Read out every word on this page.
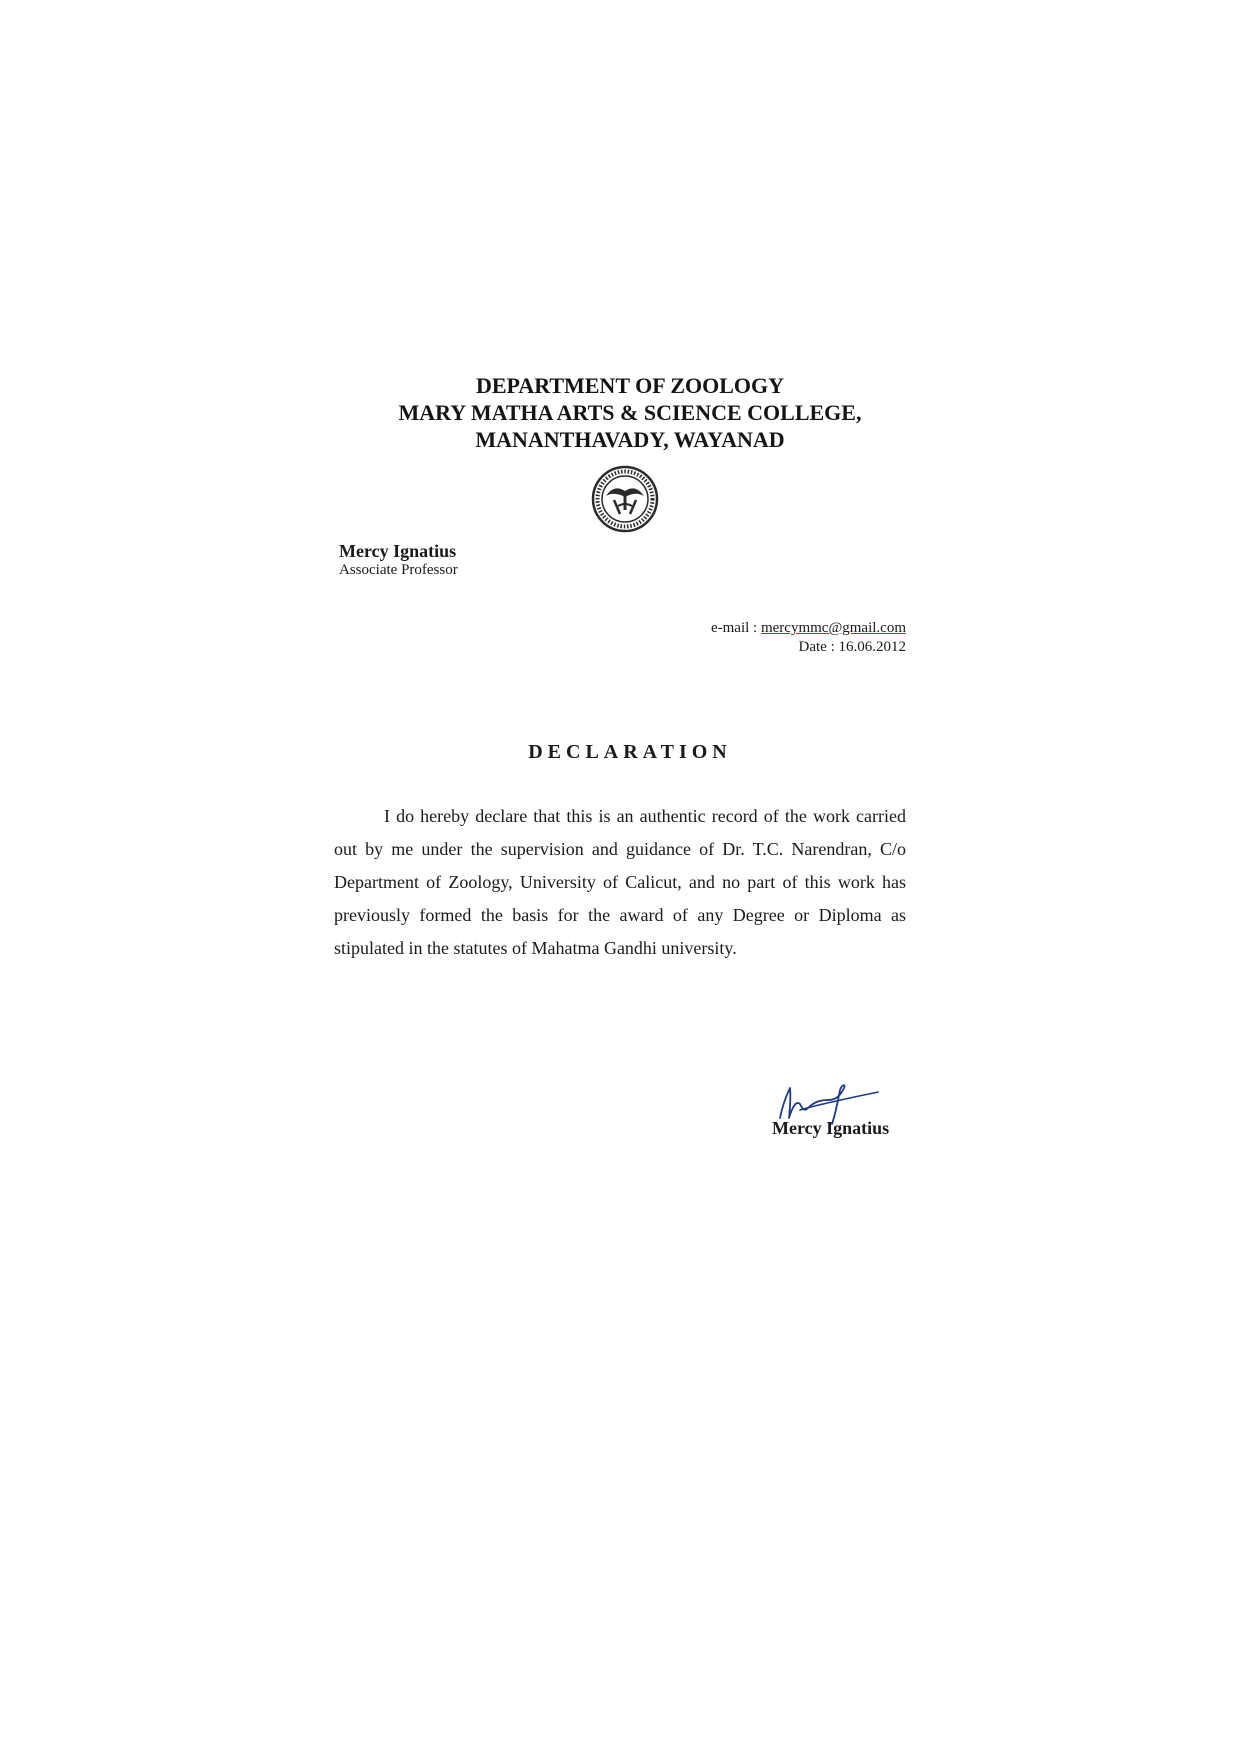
DEPARTMENT OF ZOOLOGY
MARY MATHA ARTS & SCIENCE COLLEGE,
MANANTHAVADY, WAYANAD
Mercy Ignatius
Associate Professor
e-mail : mercymmc@gmail.com
Date : 16.06.2012
DECLARATION
I do hereby declare that this is an authentic record of the work carried out by me under the supervision and guidance of Dr. T.C. Narendran, C/o Department of Zoology, University of Calicut, and no part of this work has previously formed the basis for the award of any Degree or Diploma as stipulated in the statutes of Mahatma Gandhi university.
Mercy Ignatius
